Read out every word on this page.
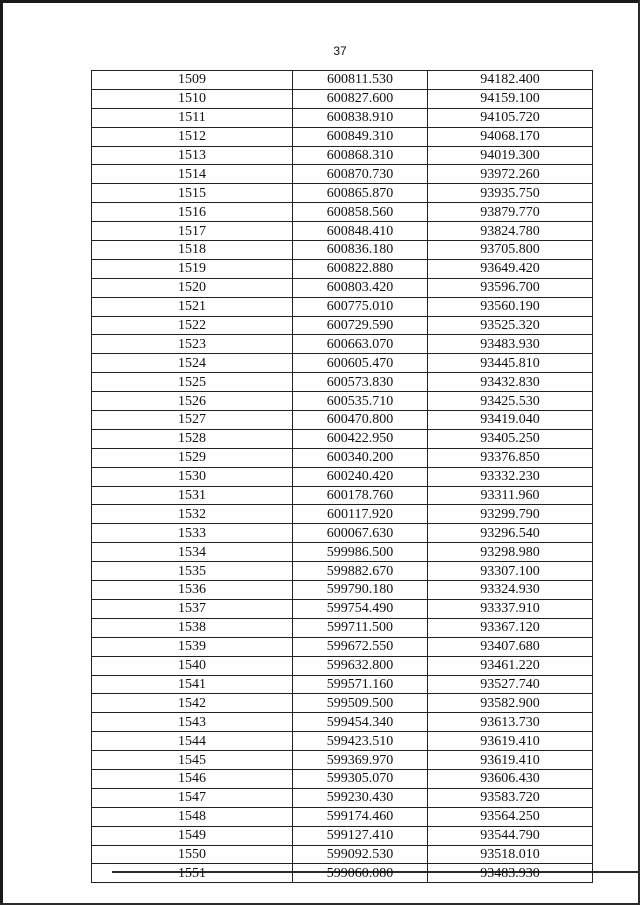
37
1509	600811.530	94182.400
1510	600827.600	94159.100
1511	600838.910	94105.720
1512	600849.310	94068.170
1513	600868.310	94019.300
1514	600870.730	93972.260
1515	600865.870	93935.750
1516	600858.560	93879.770
1517	600848.410	93824.780
1518	600836.180	93705.800
1519	600822.880	93649.420
1520	600803.420	93596.700
1521	600775.010	93560.190
1522	600729.590	93525.320
1523	600663.070	93483.930
1524	600605.470	93445.810
1525	600573.830	93432.830
1526	600535.710	93425.530
1527	600470.800	93419.040
1528	600422.950	93405.250
1529	600340.200	93376.850
1530	600240.420	93332.230
1531	600178.760	93311.960
1532	600117.920	93299.790
1533	600067.630	93296.540
1534	599986.500	93298.980
1535	599882.670	93307.100
1536	599790.180	93324.930
1537	599754.490	93337.910
1538	599711.500	93367.120
1539	599672.550	93407.680
1540	599632.800	93461.220
1541	599571.160	93527.740
1542	599509.500	93582.900
1543	599454.340	93613.730
1544	599423.510	93619.410
1545	599369.970	93619.410
1546	599305.070	93606.430
1547	599230.430	93583.720
1548	599174.460	93564.250
1549	599127.410	93544.790
1550	599092.530	93518.010
1551	599060.080	93483.930
